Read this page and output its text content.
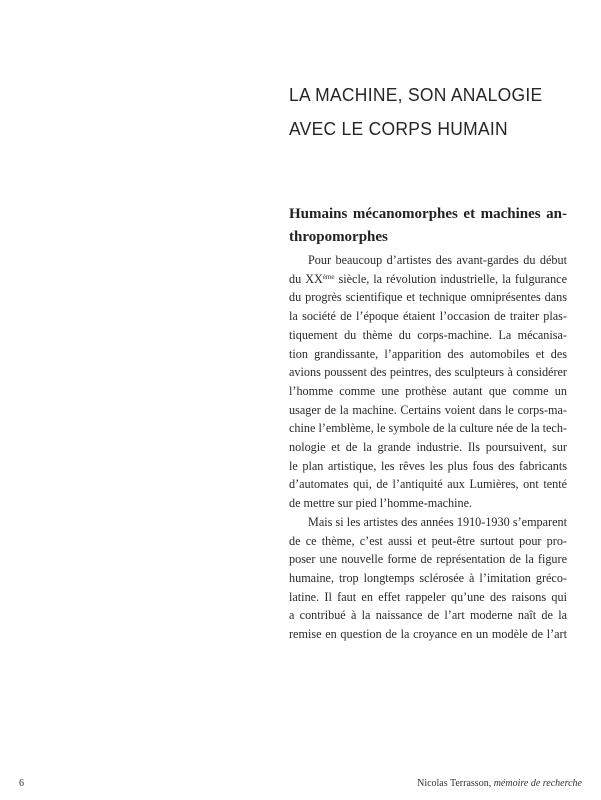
LA MACHINE, SON ANALOGIE
AVEC LE CORPS HUMAIN
Humains mécanomorphes et machines an-
thropomorphes
Pour beaucoup d’artistes des avant-gardes du début
du XXème siècle, la révolution industrielle, la fulgurance
du progrès scientifique et technique omniprésentes dans
la société de l’époque étaient l’occasion de traiter plas-
tiquement du thème du corps-machine. La mécanisa-
tion grandissante, l’apparition des automobiles et des
avions poussent des peintres, des sculpteurs à considérer
l’homme comme une prothèse autant que comme un
usager de la machine. Certains voient dans le corps-ma-
chine l’emblème, le symbole de la culture née de la tech-
nologie et de la grande industrie. Ils poursuivent, sur
le plan artistique, les rêves les plus fous des fabricants
d’automates qui, de l’antiquité aux Lumières, ont tenté
de mettre sur pied l’homme-machine.
Mais si les artistes des années 1910-1930 s’emparent
de ce thème, c’est aussi et peut-être surtout pour pro-
poser une nouvelle forme de représentation de la figure
humaine, trop longtemps sclérosée à l’imitation gréco-
latine. Il faut en effet rappeler qu’une des raisons qui
a contribué à la naissance de l’art moderne naît de la
remise en question de la croyance en un modèle de l’art
6	Nicolas Terrasson, mémoire de recherche
